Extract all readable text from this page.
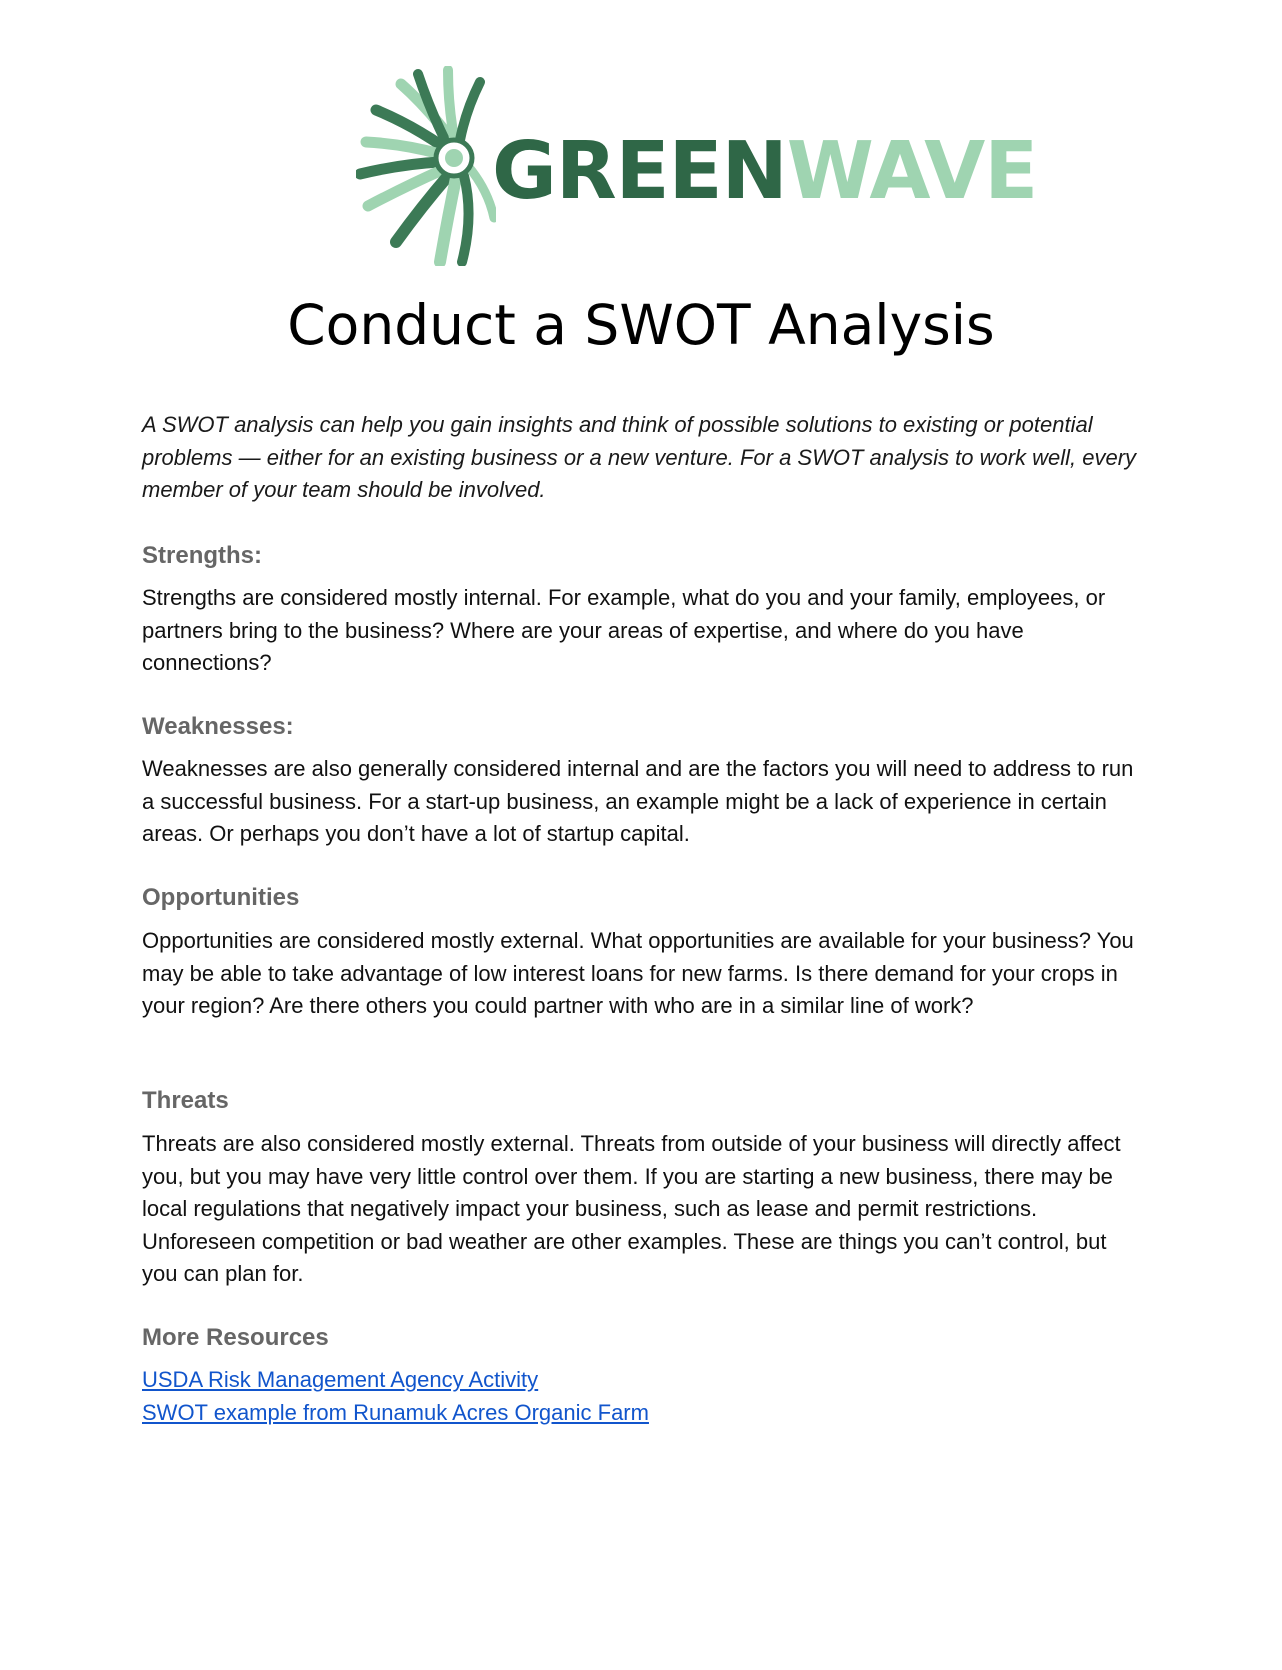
GREENWAVE
Conduct a SWOT Analysis

A SWOT analysis can help you gain insights and think of possible solutions to existing or potential problems — either for an existing business or a new venture. For a SWOT analysis to work well, every member of your team should be involved.

Strengths:

Strengths are considered mostly internal. For example, what do you and your family, employees, or partners bring to the business? Where are your areas of expertise, and where do you have connections?

Weaknesses:

Weaknesses are also generally considered internal and are the factors you will need to address to run a successful business. For a start-up business, an example might be a lack of experience in certain areas. Or perhaps you don’t have a lot of startup capital.

Opportunities

Opportunities are considered mostly external. What opportunities are available for your business? You may be able to take advantage of low interest loans for new farms. Is there demand for your crops in your region? Are there others you could partner with who are in a similar line of work?

Threats

Threats are also considered mostly external. Threats from outside of your business will directly affect you, but you may have very little control over them. If you are starting a new business, there may be local regulations that negatively impact your business, such as lease and permit restrictions. Unforeseen competition or bad weather are other examples. These are things you can’t control, but you can plan for.

More Resources
USDA Risk Management Agency Activity
SWOT example from Runamuk Acres Organic Farm
